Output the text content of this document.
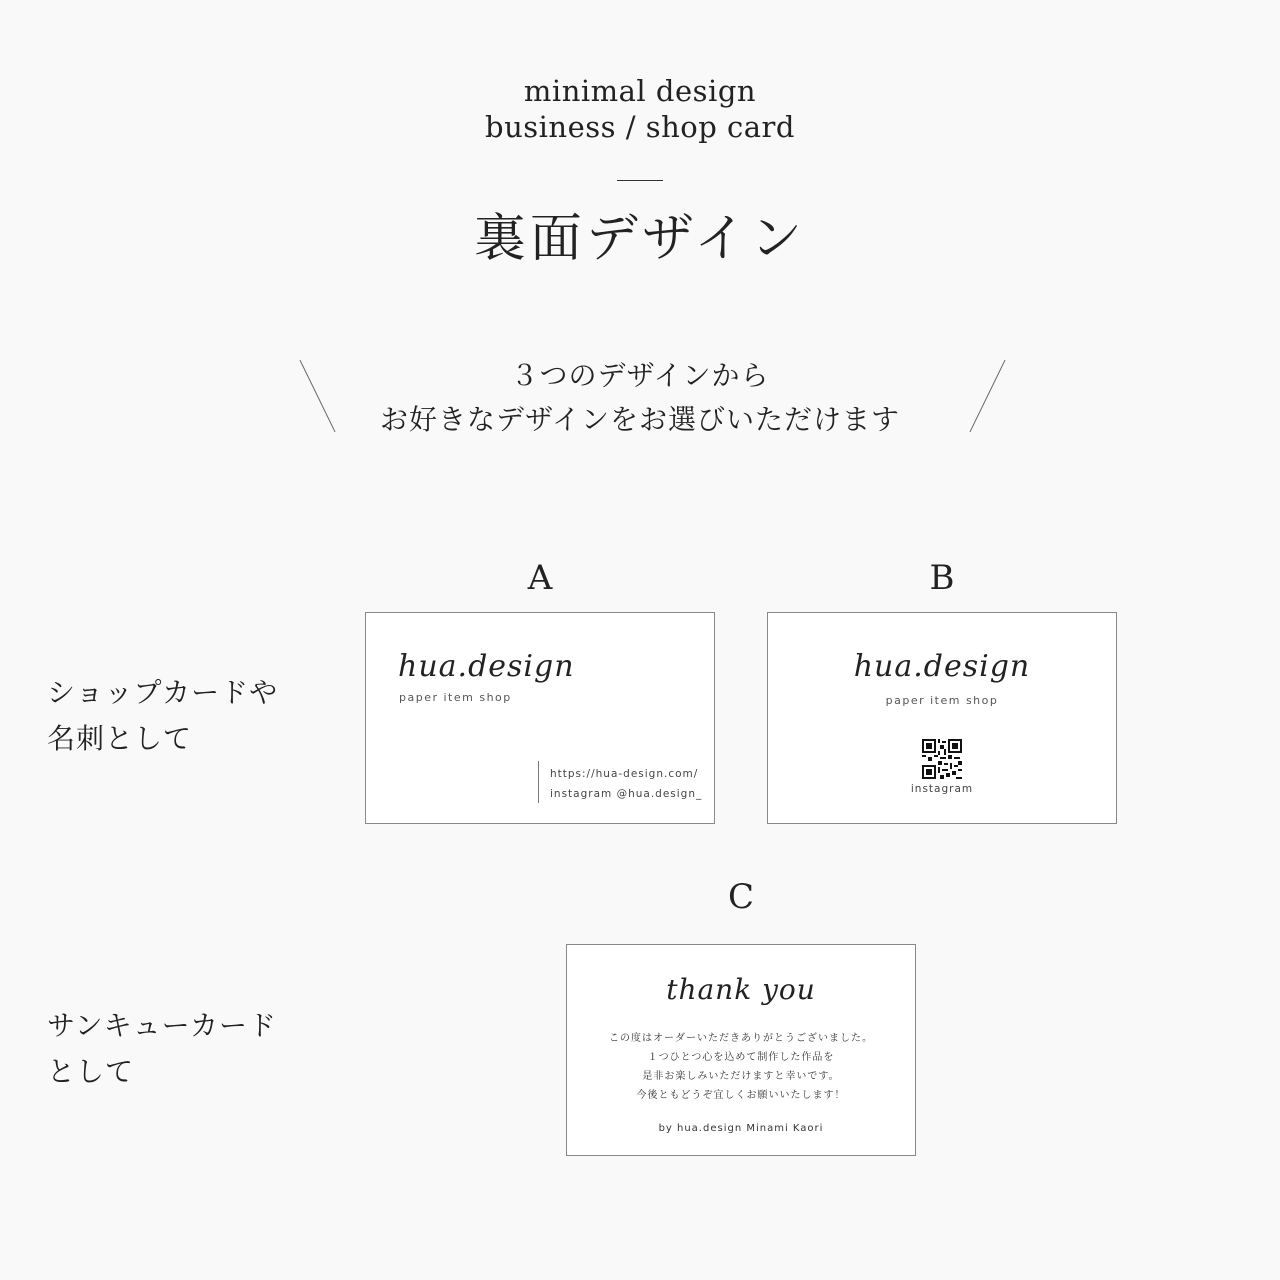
minimal design
business / shop card
裏面デザイン
３つのデザインから
お好きなデザインをお選びいただけます
A	B
C
ショップカードや
名刺として
サンキューカード
として
hua.design
paper item shop
https://hua-design.com/
instagram @hua.design_
hua.design
paper item shop
instagram
thank you
この度はオーダーいただきありがとうございました。
１つひとつ心を込めて制作した作品を
是非お楽しみいただけますと幸いです。
今後ともどうぞ宜しくお願いいたします！
by hua.design Minami Kaori
